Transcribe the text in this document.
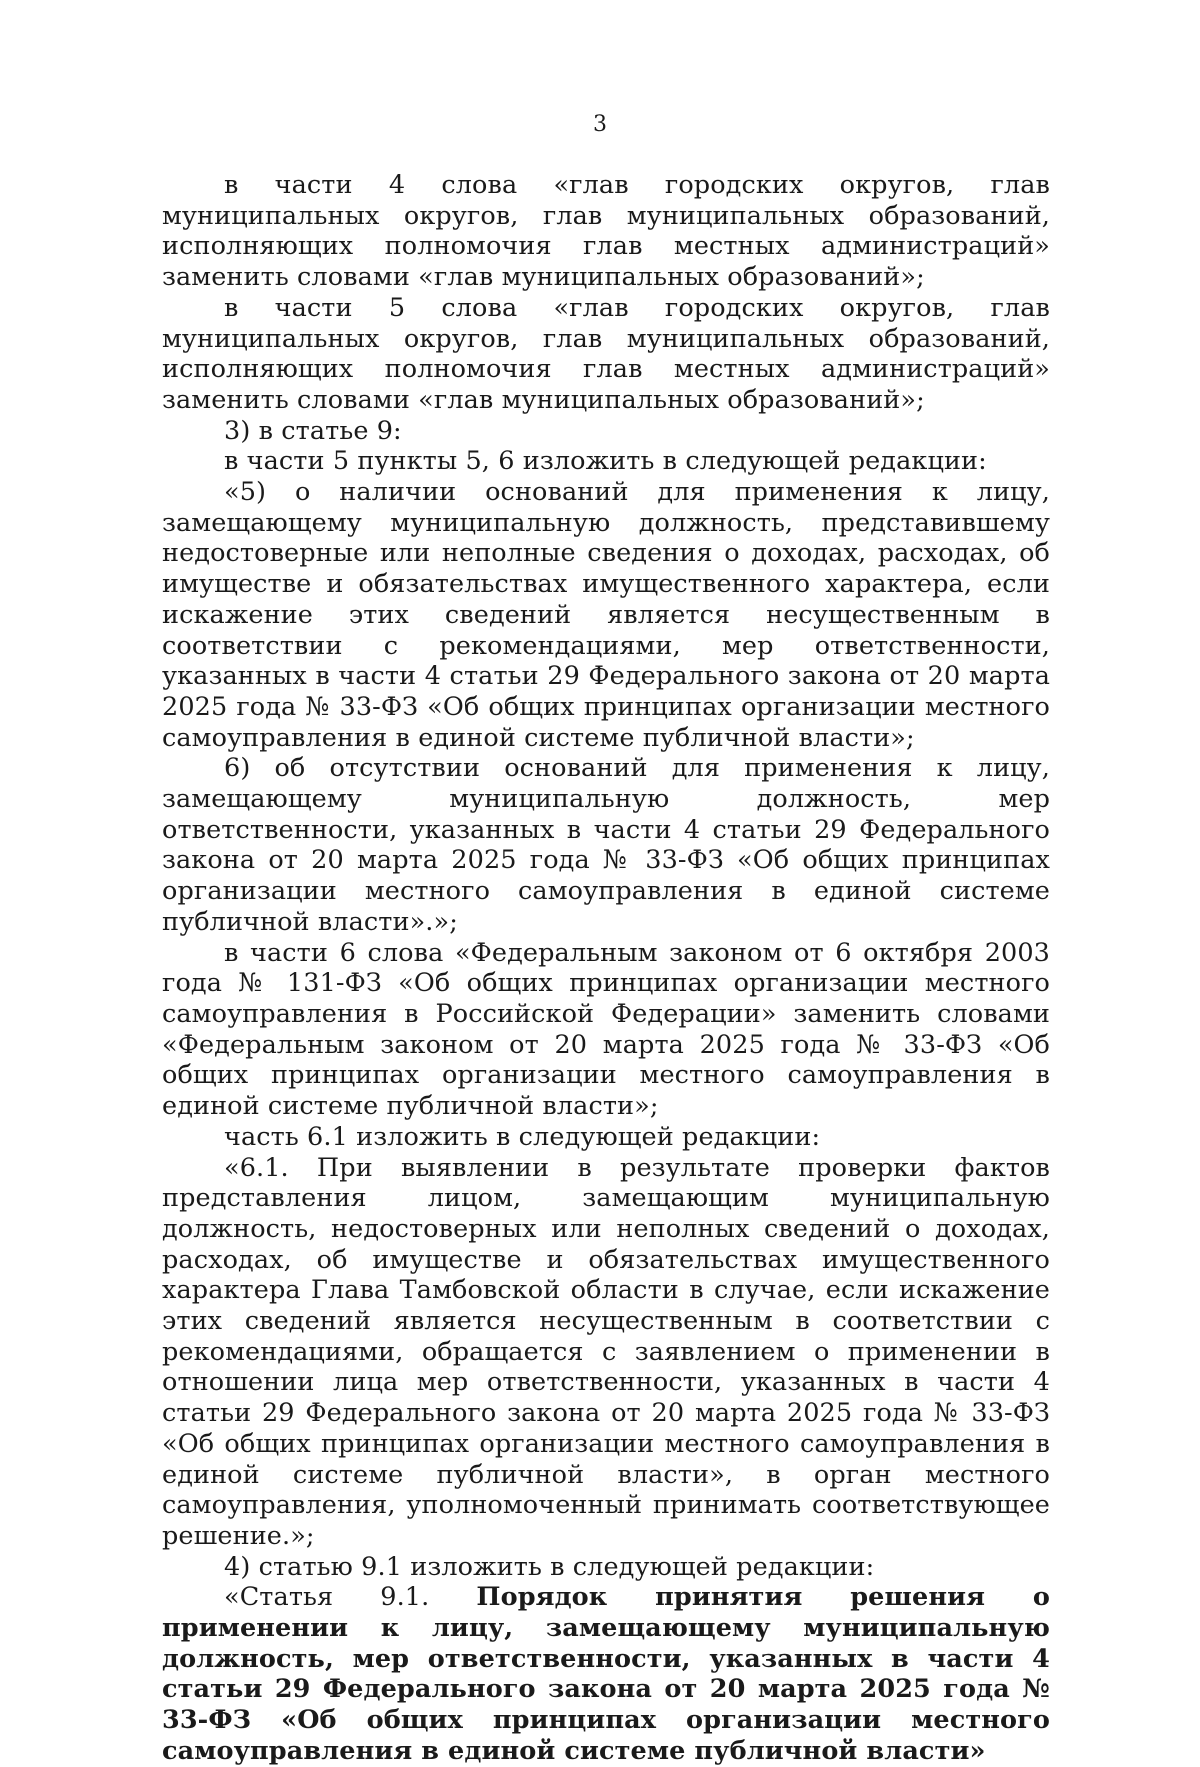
3

в части 4 слова «глав городских округов, глав муниципальных округов, глав муниципальных образований, исполняющих полномочия глав местных администраций» заменить словами «глав муниципальных образований»;

в части 5 слова «глав городских округов, глав муниципальных округов, глав муниципальных образований, исполняющих полномочия глав местных администраций» заменить словами «глав муниципальных образований»;

3) в статье 9:

в части 5 пункты 5, 6 изложить в следующей редакции:

«5) о наличии оснований для применения к лицу, замещающему муниципальную должность, представившему недостоверные или неполные сведения о доходах, расходах, об имуществе и обязательствах имущественного характера, если искажение этих сведений является несущественным в соответствии с рекомендациями, мер ответственности, указанных в части 4 статьи 29 Федерального закона от 20 марта 2025 года № 33-ФЗ «Об общих принципах организации местного самоуправления в единой системе публичной власти»;

6) об отсутствии оснований для применения к лицу, замещающему муниципальную должность, мер ответственности, указанных в части 4 статьи 29 Федерального закона от 20 марта 2025 года № 33-ФЗ «Об общих принципах организации местного самоуправления в единой системе публичной власти».»;

в части 6 слова «Федеральным законом от 6 октября 2003 года № 131-ФЗ «Об общих принципах организации местного самоуправления в Российской Федерации» заменить словами «Федеральным законом от 20 марта 2025 года № 33-ФЗ «Об общих принципах организации местного самоуправления в единой системе публичной власти»;

часть 6.1 изложить в следующей редакции:

«6.1. При выявлении в результате проверки фактов представления лицом, замещающим муниципальную должность, недостоверных или неполных сведений о доходах, расходах, об имуществе и обязательствах имущественного характера Глава Тамбовской области в случае, если искажение этих сведений является несущественным в соответствии с рекомендациями, обращается с заявлением о применении в отношении лица мер ответственности, указанных в части 4 статьи 29 Федерального закона от 20 марта 2025 года № 33-ФЗ «Об общих принципах организации местного самоуправления в единой системе публичной власти», в орган местного самоуправления, уполномоченный принимать соответствующее решение.»;

4) статью 9.1 изложить в следующей редакции:

«Статья 9.1. Порядок принятия решения о применении к лицу, замещающему муниципальную должность, мер ответственности, указанных в части 4 статьи 29 Федерального закона от 20 марта 2025 года № 33-ФЗ «Об общих принципах организации местного самоуправления в единой системе публичной власти»
